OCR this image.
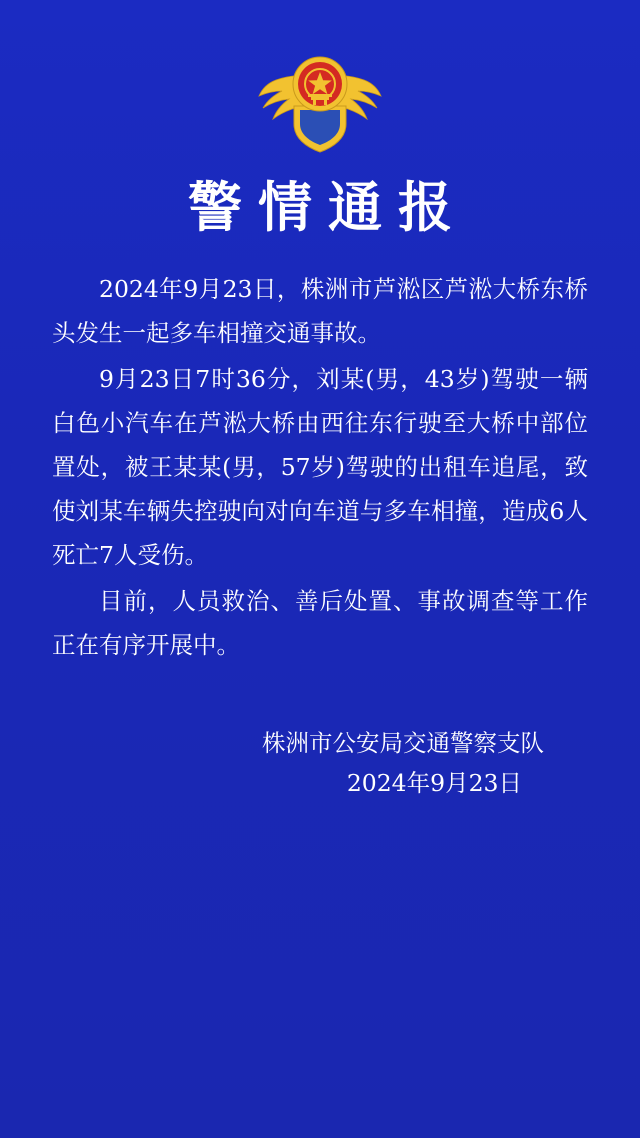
警情通报

2024年9月23日，株洲市芦淞区芦淞大桥东桥头发生一起多车相撞交通事故。

9月23日7时36分，刘某(男，43岁)驾驶一辆白色小汽车在芦淞大桥由西往东行驶至大桥中部位置处，被王某某(男，57岁)驾驶的出租车追尾，致使刘某车辆失控驶向对向车道与多车相撞，造成6人死亡7人受伤。

目前，人员救治、善后处置、事故调查等工作正在有序开展中。

株洲市公安局交通警察支队
2024年9月23日
